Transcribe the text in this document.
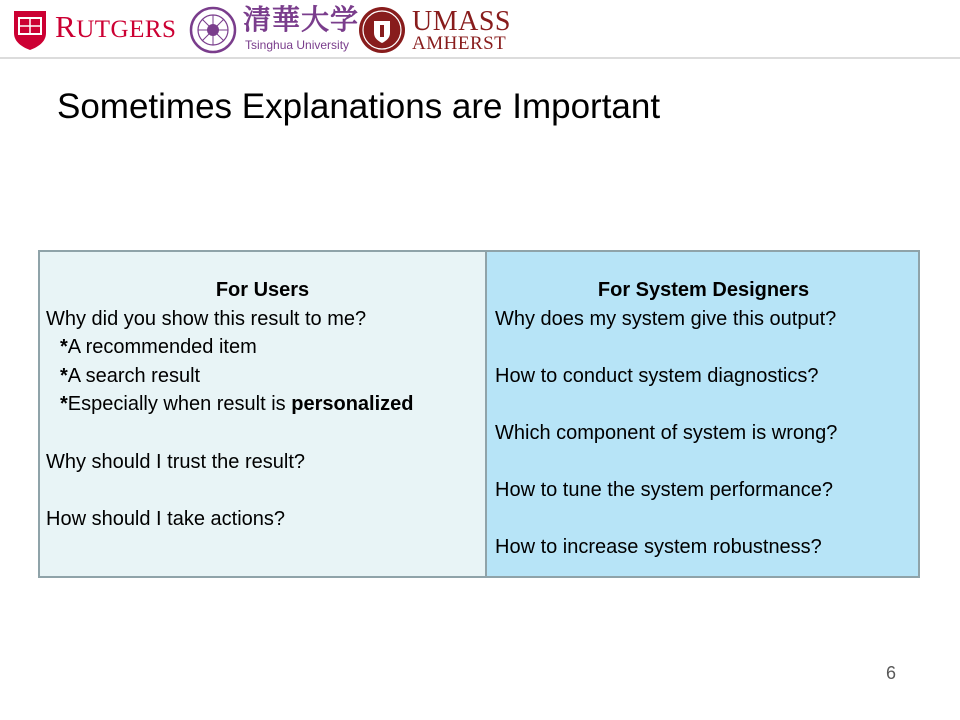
RUTGERS 清華大学
Tsinghua University
UMASS
AMHERST
Sometimes Explanations are Important
For Users
Why did you show this result to me?
*A recommended item
*A search result
*Especially when result is personalized
Why should I trust the result?
How should I take actions?
For System Designers
Why does my system give this output?
How to conduct system diagnostics?
Which component of system is wrong?
How to tune the system performance?
How to increase system robustness?
6
